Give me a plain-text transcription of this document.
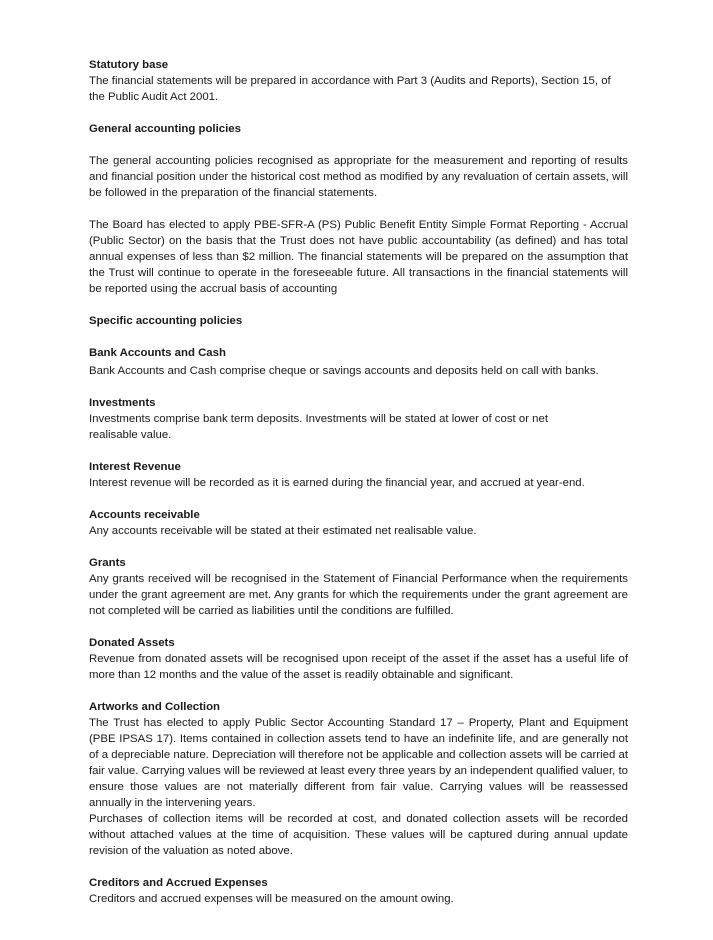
Statutory base

The financial statements will be prepared in accordance with Part 3 (Audits and Reports), Section 15, of the Public Audit Act 2001.

General accounting policies

The general accounting policies recognised as appropriate for the measurement and reporting of results and financial position under the historical cost method as modified by any revaluation of certain assets, will be followed in the preparation of the financial statements.

The Board has elected to apply PBE-SFR-A (PS) Public Benefit Entity Simple Format Reporting - Accrual (Public Sector) on the basis that the Trust does not have public accountability (as defined) and has total annual expenses of less than $2 million. The financial statements will be prepared on the assumption that the Trust will continue to operate in the foreseeable future. All transactions in the financial statements will be reported using the accrual basis of accounting

Specific accounting policies

Bank Accounts and Cash

Bank Accounts and Cash comprise cheque or savings accounts and deposits held on call with banks.

Investments

Investments comprise bank term deposits. Investments will be stated at lower of cost or net realisable value.

Interest Revenue

Interest revenue will be recorded as it is earned during the financial year, and accrued at year-end.

Accounts receivable

Any accounts receivable will be stated at their estimated net realisable value.

Grants

Any grants received will be recognised in the Statement of Financial Performance when the requirements under the grant agreement are met. Any grants for which the requirements under the grant agreement are not completed will be carried as liabilities until the conditions are fulfilled.

Donated Assets

Revenue from donated assets will be recognised upon receipt of the asset if the asset has a useful life of more than 12 months and the value of the asset is readily obtainable and significant.

Artworks and Collection

The Trust has elected to apply Public Sector Accounting Standard 17 – Property, Plant and Equipment (PBE IPSAS 17). Items contained in collection assets tend to have an indefinite life, and are generally not of a depreciable nature. Depreciation will therefore not be applicable and collection assets will be carried at fair value. Carrying values will be reviewed at least every three years by an independent qualified valuer, to ensure those values are not materially different from fair value. Carrying values will be reassessed annually in the intervening years.

Purchases of collection items will be recorded at cost, and donated collection assets will be recorded without attached values at the time of acquisition. These values will be captured during annual update revision of the valuation as noted above.

Creditors and Accrued Expenses

Creditors and accrued expenses will be measured on the amount owing.
